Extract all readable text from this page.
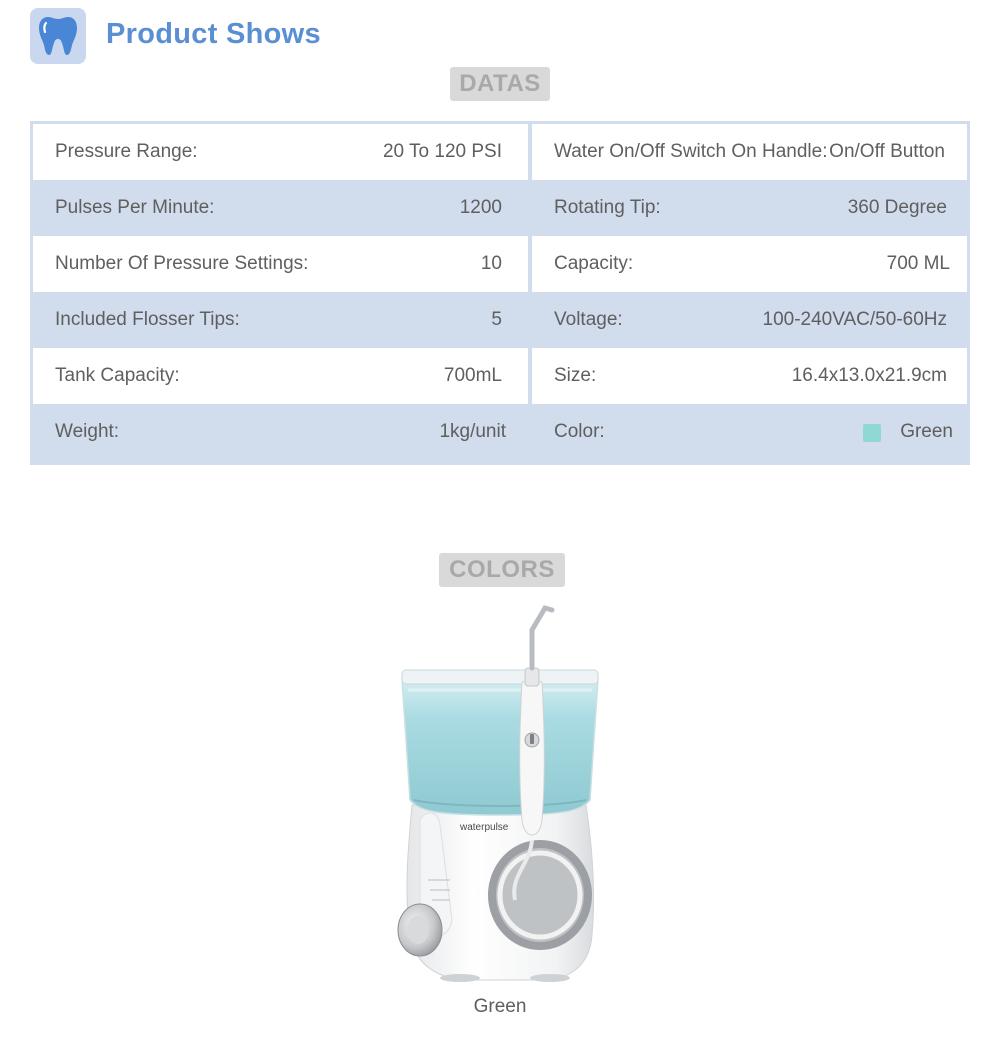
Product Shows
DATAS
Pressure Range:	20 To 120 PSI	Water On/Off Switch On Handle: On/Off Button
Pulses Per Minute:	1200	Rotating Tip:	360 Degree
Number Of Pressure Settings:	10	Capacity:	700 ML
Included Flosser Tips:	5	Voltage:	100-240VAC/50-60Hz
Tank Capacity:	700mL	Size:	16.4x13.0x21.9cm
Weight:	1kg/unit	Color:	Green
COLORS
waterpulse
Green
